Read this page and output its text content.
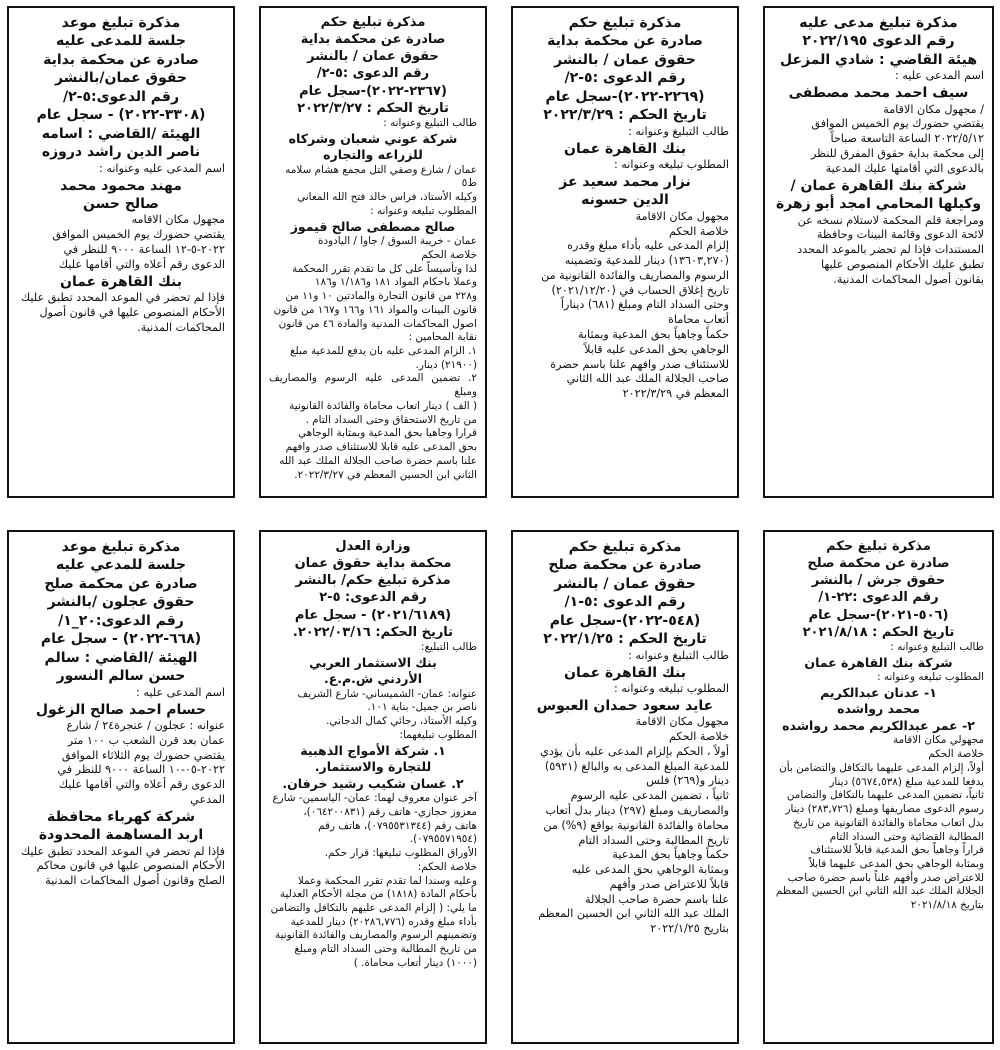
مذكرة تبليغ موعد

جلسة للمدعى عليه

صادرة عن محكمة بداية

حقوق عمان/بالنشر

رقم الدعوى:٥-٢/

(٣٣٠٨-٢٠٢٢) - سجل عام

الهيئة /القاضي : اسامه

ناصر الدين راشد دروزه

اسم المدعى عليه وعنوانه :

مهند محمود محمد

صالح حسن

مجهول مكان الاقامه

يقتضي حضورك يوم الخميس الموافق

٢٠٢٢-٥-١٢ الساعة ٩٠٠٠ للنظر في

الدعوى رقم أعلاه والتي أقامها عليك

بنك القاهرة عمان

فإذا لم تحضر في الموعد المحدد تطبق عليك

الأحكام المنصوص عليها في قانون أصول

المحاكمات المدنية.

مذكرة تبليغ حكم

صادرة عن محكمة بداية

حقوق عمان / بالنشر

رقم الدعوى :٥-٢/

(٢٣٦٧-٢٠٢٢)-سجل عام

تاريخ الحكم : ٢٠٢٢/٣/٢٧

طالب التبليغ وعنوانه :

شركة عوني شعبان وشركاه

للزراعه والتجاره

عمان / شارع وصفي التل مجمع هشام سلامه ط٥

وكيله الأستاذ، فراس خالد فتح الله المعاني

المطلوب تبليغه وعنوانه :

صالح مصطفى صالح قيموز

عمان - خريبة السوق / جاوا / اليادودة

خلاصة الحكم

لذا وتأسيساً على كل ما تقدم تقرر المحكمة

وعملا باحكام المواد ١٨١ و١/١٨٦ و١٨٦

و٢٢٨ من قانون التجارة والمادتين ١٠ و١١ من

قانون البينات والمواد ١٦١ و١٦٦ و١٦٧ من قانون

اصول المحاكمات المدنية والمادة ٤٦ من قانون

نقابة المحامين :

١. الزام المدعى عليه بان يدفع للمدعية مبلغ

(٢١٩٠٠) دينار.

٢. تضمين المدعى عليه الرسوم والمصاريف ومبلغ

( الف ) دينار اتعاب محاماة والفائدة القانونية

من تاريخ الاستحقاق وحتى السداد التام .

قرارا وجاهيا بحق المدعية وبمثابة الوجاهي

بحق المدعى عليه قابلا للاستئناف صدر وافهم

علنا باسم حضرة صاحب الجلالة الملك عبد الله

الثاني ابن الحسين المعظم في ٢٠٢٢/٣/٢٧.

مذكرة تبليغ حكم

صادرة عن محكمة بداية

حقوق عمان / بالنشر

رقم الدعوى :٥-٢/

(٢٢٦٩-٢٠٢٢)-سجل عام

تاريخ الحكم : ٢٠٢٢/٣/٢٩

طالب التبليغ وعنوانه :

بنك القاهرة عمان

المطلوب تبليغه وعنوانه :

نزار محمد سعيد عز

الدين حسونه

مجهول مكان الاقامة

خلاصة الحكم

إلزام المدعى عليه بأداء مبلغ وقدره

(١٣٦٠٣,٢٧٠) دينار للمدعية وتضمينه

الرسوم والمصاريف والفائدة القانونية من

تاريخ إغلاق الحساب في (٢٠٢١/١٢/٢٠)

وحتى السداد التام ومبلغ (٦٨١) ديناراً

أتعاب محاماة

حكماً وجاهياً بحق المدعية وبمثابة

الوجاهي بحق المدعى عليه قابلاً

للاستئناف صدر وافهم علنا باسم حضرة

صاحب الجلالة الملك عبد الله الثاني

المعظم في ٢٠٢٢/٣/٢٩

مذكرة تبليغ مدعى عليه

رقم الدعوى ٢٠٢٢/١٩٥

هيئة القاضي : شادي المزعل

اسم المدعى عليه :

سيف احمد محمد مصطفى

/ مجهول مكان الاقامة

يقتضي حضورك يوم الخميس الموافق

٢٠٢٢/٥/١٢ الساعة التاسعة صباحاً

إلى محكمة بداية حقوق المفرق للنظر

بالدعوى التي أقامتها عليك المدعية

شركة بنك القاهرة عمان /

وكيلها المحامي امجد أبو زهرة

ومراجعة قلم المحكمة لاستلام نسخه عن

لائحة الدعوى وقائمة البينات وحافظة

المستندات فإذا لم تحضر بالموعد المحدد

تطبق عليك الأحكام المنصوص عليها

بقانون أصول المحاكمات المدنية.

مذكرة تبليغ موعد

جلسة للمدعي عليه

صادرة عن محكمة صلح

حقوق عجلون /بالنشر

رقم الدعوى:٢٠_١/

(٦٦٨-٢٠٢٢) - سجل عام

الهيئة /القاضي : سالم

حسن سالم النسور

اسم المدعى عليه :

حسام احمد صالح الزغول

عنوانه : عجلون / عنجرة٢٤ / شارع

عمان بعد قرن الشعب ب ١٠٠ متر

يقتضي حضورك يوم الثلاثاء الموافق

٢٠٢٢-٠٥-١٠ الساعة ٩٠٠٠ للنظر في

الدعوى رقم أعلاه والتي أقامها عليك

المدعي

شركة كهرباء محافظة

اربد المساهمة المحدودة

فإذا لم تحضر في الموعد المحدد تطبق عليك

الأحكام المنصوص عليها في قانون محاكم

الصلح وقانون أصول المحاكمات المدنية

وزارة العدل

محكمة بداية حقوق عمان

مذكرة تبليغ حكم/ بالنشر

رقم الدعوى: ٥-٢

(٢٠٢١/٦١٨٩) - سجل عام

تاريخ الحكم: ٢٠٢٢/٠٣/١٦.

طالب التبليغ:

بنك الاستثمار العربي

الأردني ش.م.ع.

عنوانه: عمان- الشميساني- شارع الشريف

ناصر بن جميل- بناية ١٠١.

وكيله الأستاذ، رجائي كمال الدجاني.

المطلوب تبليغهما:

١. شركة الأمواج الذهبية

للتجارة والاستثمار.

٢. غسان شكيب رشيد خرفان.

آخر عنوان معروف لهما: عمان- الياسمين- شارع

معزوز حجازي- هاتف رقم (٠٦٤٢٠٠٨٣١)،

هاتف رقم (٠٧٩٥٥٣١٣٤٤)، هاتف رقم

(٠٧٩٥٥٧١٩٥٤).

الأوراق المطلوب تبليغها: قرار حكم.

خلاصة الحكم:

وعليه وسندا لما تقدم تقرر المحكمة وعملا

بأحكام المادة (١٨١٨) من مجلة الأحكام العدلية

ما يلي: ( إلزام المدعى عليهم بالتكافل والتضامن

بأداء مبلغ وقدره (٢٠٢٨٦,٧٧٦) دينار للمدعية

وتضمينهم الرسوم والمصاريف والفائدة القانونية

من تاريخ المطالبة وحتى السداد التام ومبلغ

(١٠٠٠) دينار أتعاب محاماة. )

مذكرة تبليغ حكم

صادرة عن محكمة صلح

حقوق عمان / بالنشر

رقم الدعوى :٥-١/

(٥٤٨-٢٠٢٢)-سجل عام

تاريخ الحكم : ٢٠٢٢/١/٢٥

طالب التبليغ وعنوانه :

بنك القاهرة عمان

المطلوب تبليغه وعنوانه :

عايد سعود حمدان العبوس

مجهول مكان الاقامة

خلاصة الحكم

أولاً ، الحكم بإلزام المدعى عليه بأن يؤدي

للمدعية المبلغ المدعى به والبالغ (٥٩٢١)

دينار و(٢٦٩) فلس

ثانياً ، تضمين المدعى عليه الرسوم

والمصاريف ومبلغ (٢٩٧) دينار بدل أتعاب

محاماة والفائدة القانونية بواقع (٩%) من

تاريخ المطالبة وحتى السداد التام

حكماً وجاهياً بحق المدعية

وبمثابة الوجاهي بحق المدعى عليه

قابلاً للاعتراض صدر وأفهم

علنا باسم حضرة صاحب الجلالة

الملك عبد الله الثاني ابن الحسين المعظم

بتاريخ ٢٠٢٢/١/٢٥

مذكرة تبليغ حكم

صادرة عن محكمة صلح

حقوق جرش / بالنشر

رقم الدعوى :٢٢-١/

(٥٠٦-٢٠٢١)-سجل عام

تاريخ الحكم : ٢٠٢١/٨/١٨

طالب التبليغ وعنوانه :

شركة بنك القاهرة عمان

المطلوب تبليغه وعنوانه :

١- عدنان عبدالكريم

محمد رواشده

٢- عمر عبدالكريم محمد رواشده

مجهولي مكان الاقامة

خلاصة الحكم

أولاً، إلزام المدعى عليهما بالتكافل والتضامن بأن

يدفعا للمدعية مبلغ (٥٦٧٤,٥٣٨) دينار

ثانياً، تضمين المدعى عليهما بالتكافل والتضامن

رسوم الدعوى مصاريفها ومبلغ (٢٨٣,٧٢٦) دينار

بدل اتعاب محاماة والفائدة القانونية من تاريخ

المطالبة القضائية وحتى السداد التام

قراراً وجاهياً بحق المدعية قابلاً للاستئناف

وبمثابة الوجاهي بحق المدعى عليهما قابلاً

للاعتراض صدر وأفهم علناً باسم حضرة صاحب

الجلالة الملك عبد الله الثاني ابن الحسين المعظم

بتاريخ ٢٠٢١/٨/١٨
